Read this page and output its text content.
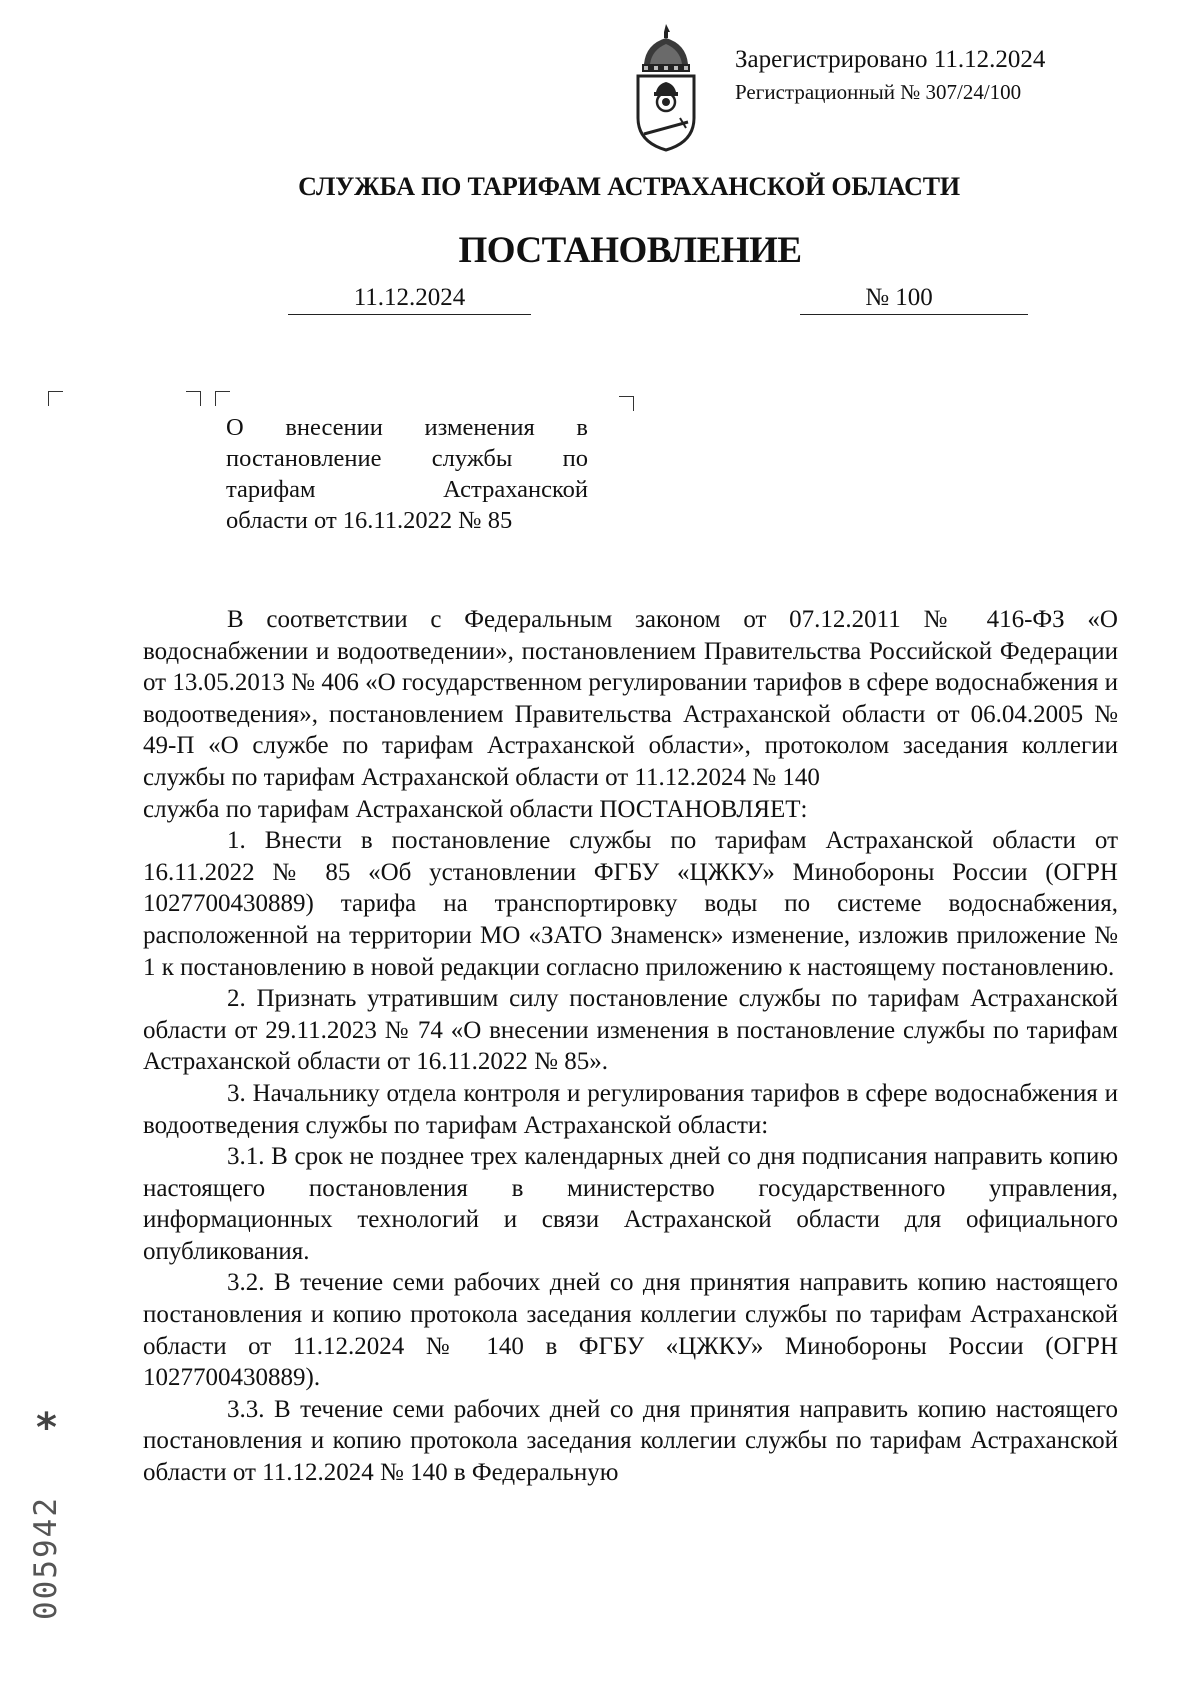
Зарегистрировано 11.12.2024
Регистрационный № 307/24/100
СЛУЖБА ПО ТАРИФАМ АСТРАХАНСКОЙ ОБЛАСТИ
ПОСТАНОВЛЕНИЕ
11.12.2024	№ 100
О внесении изменения в
постановление службы по
тарифам Астраханской
области от 16.11.2022 № 85

В соответствии с Федеральным законом от 07.12.2011 № 416-ФЗ «О водоснабжении и водоотведении», постановлением Правительства Российской Федерации от 13.05.2013 № 406 «О государственном регулировании тарифов в сфере водоснабжения и водоотведения», постановлением Правительства Астраханской области от 06.04.2005 № 49-П «О службе по тарифам Астраханской области», протоколом заседания коллегии службы по тарифам Астраханской области от 11.12.2024 № 140

служба по тарифам Астраханской области ПОСТАНОВЛЯЕТ:

1. Внести в постановление службы по тарифам Астраханской области от 16.11.2022 № 85 «Об установлении ФГБУ «ЦЖКУ» Минобороны России (ОГРН 1027700430889) тарифа на транспортировку воды по системе водоснабжения, расположенной на территории МО «ЗАТО Знаменск» изменение, изложив приложение № 1 к постановлению в новой редакции согласно приложению к настоящему постановлению.

2. Признать утратившим силу постановление службы по тарифам Астраханской области от 29.11.2023 № 74 «О внесении изменения в постановление службы по тарифам Астраханской области от 16.11.2022 № 85».

3. Начальнику отдела контроля и регулирования тарифов в сфере водоснабжения и водоотведения службы по тарифам Астраханской области:

3.1. В срок не позднее трех календарных дней со дня подписания направить копию настоящего постановления в министерство государственного управления, информационных технологий и связи Астраханской области для официального опубликования.

3.2. В течение семи рабочих дней со дня принятия направить копию настоящего постановления и копию протокола заседания коллегии службы по тарифам Астраханской области от 11.12.2024 № 140 в ФГБУ «ЦЖКУ» Минобороны России (ОГРН 1027700430889).

3.3. В течение семи рабочих дней со дня принятия направить копию настоящего постановления и копию протокола заседания коллегии службы по тарифам Астраханской области от 11.12.2024 № 140 в Федеральную

*
005942
